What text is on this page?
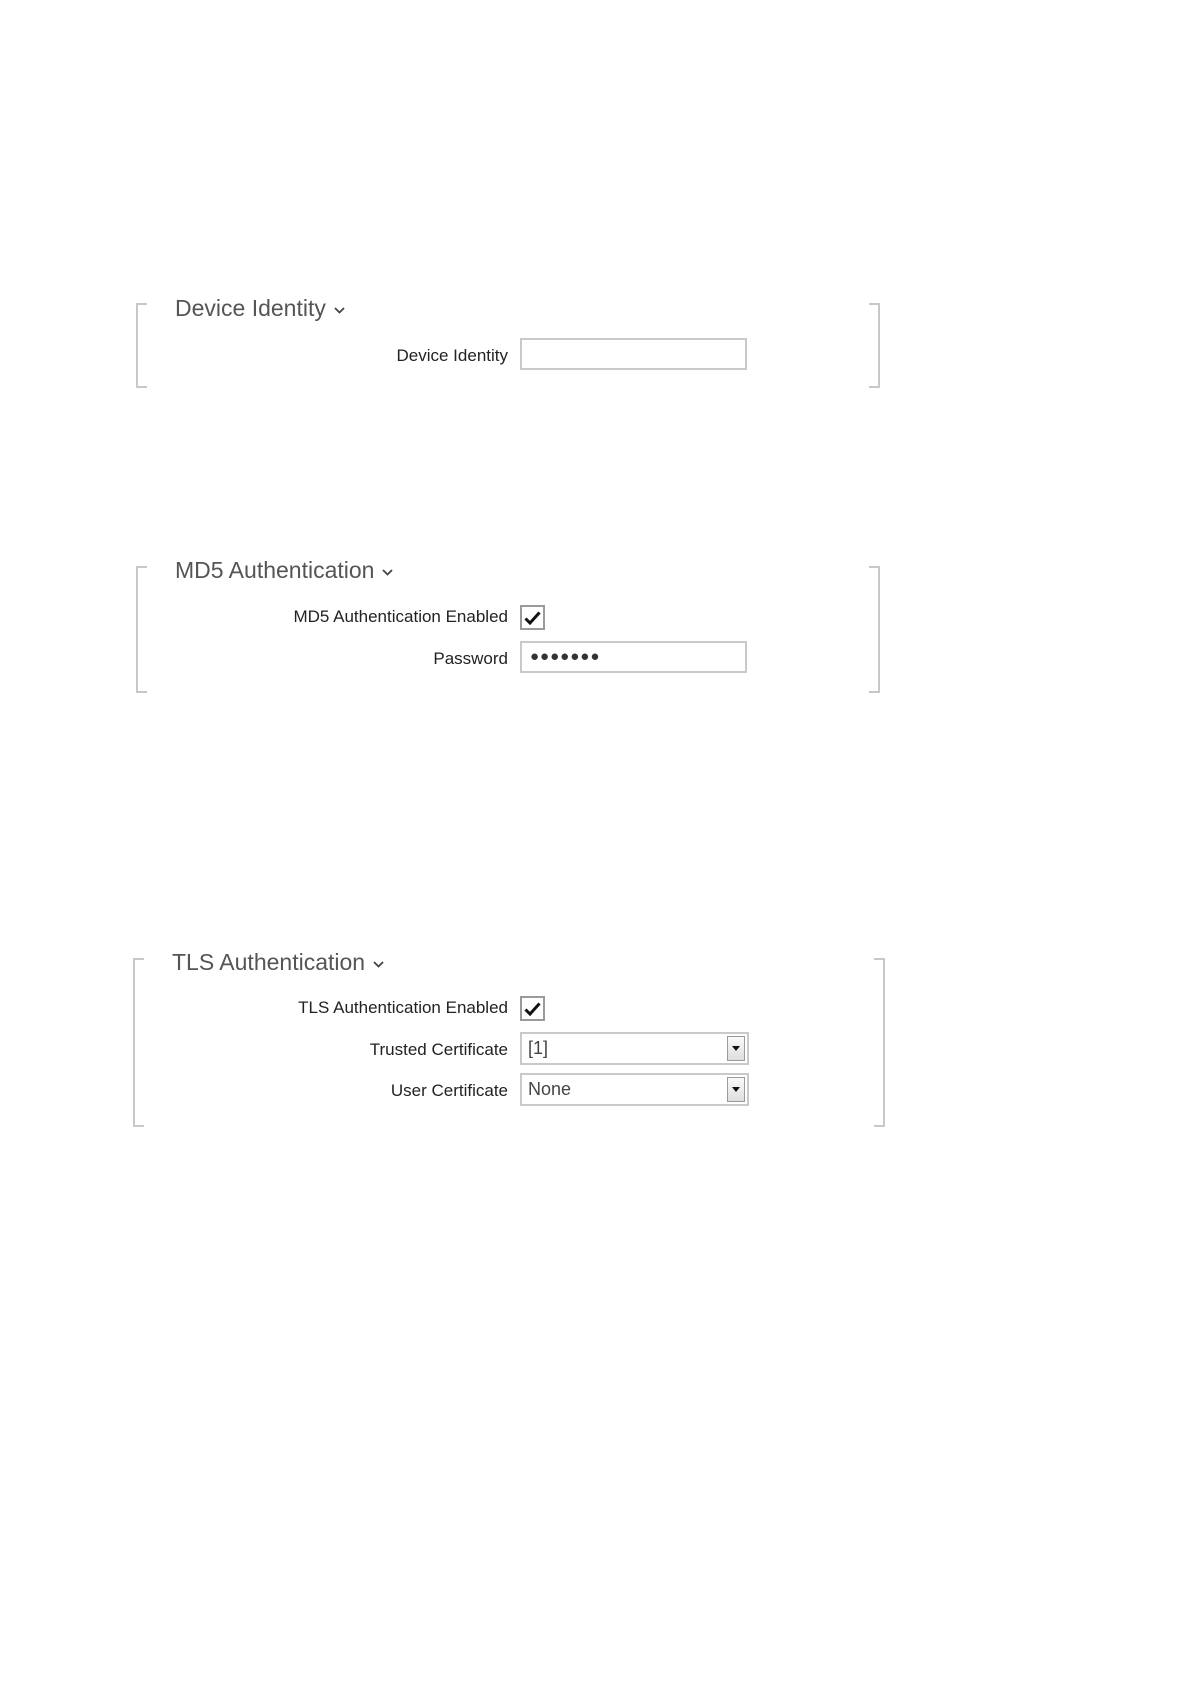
Device Identity
Device Identity
MD5 Authentication
MD5 Authentication Enabled
Password	●●●●●●●
TLS Authentication
TLS Authentication Enabled
Trusted Certificate	[1]
User Certificate	None
